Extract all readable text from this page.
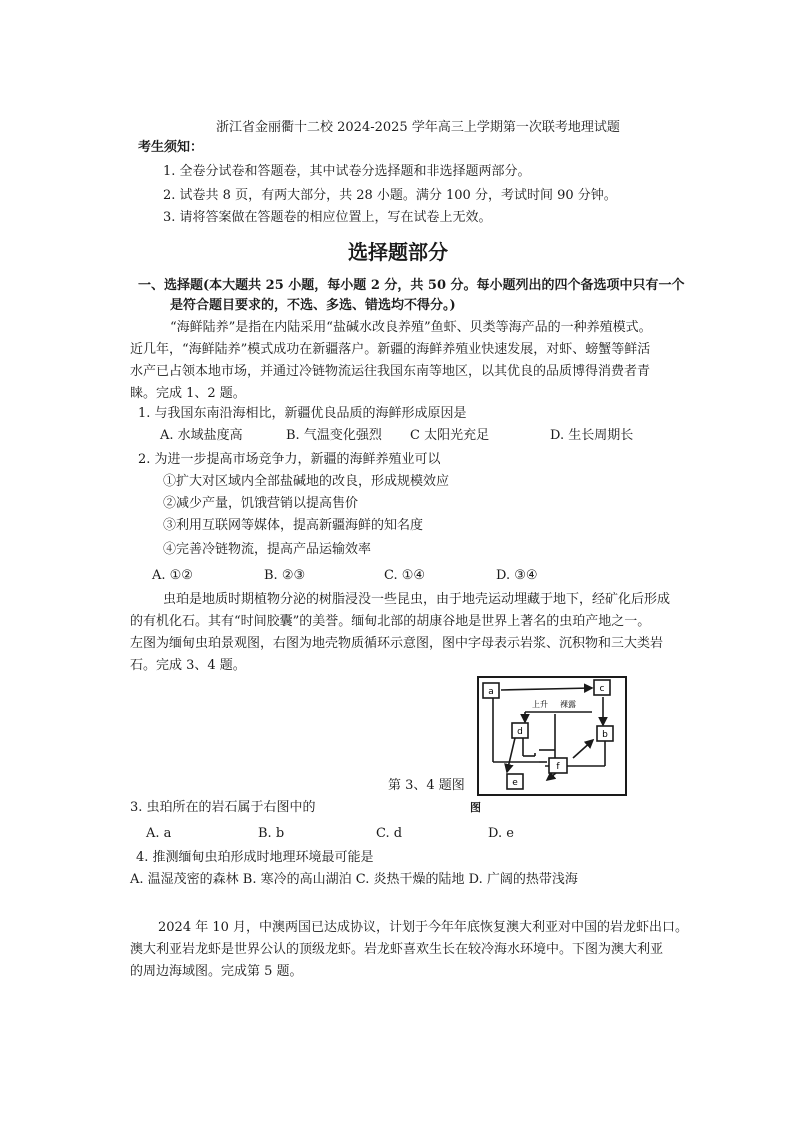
浙江省金丽衢十二校 2024-2025 学年高三上学期第一次联考地理试题
考生须知：
1. 全卷分试卷和答题卷，其中试卷分选择题和非选择题两部分。
2. 试卷共 8 页，有两大部分，共 28 小题。满分 100 分，考试时间 90 分钟。
3. 请将答案做在答题卷的相应位置上，写在试卷上无效。
选择题部分
一、选择题(本大题共 25 小题，每小题 2 分，共 50 分。每小题列出的四个备选项中只有一个
是符合题目要求的，不选、多选、错选均不得分。)
“海鲜陆养”是指在内陆采用“盐碱水改良养殖”鱼虾、贝类等海产品的一种养殖模式。
近几年，“海鲜陆养”模式成功在新疆落户。新疆的海鲜养殖业快速发展，对虾、螃蟹等鲜活
水产已占领本地市场，并通过冷链物流运往我国东南等地区，以其优良的品质博得消费者青
睐。完成 1、2 题。
1. 与我国东南沿海相比，新疆优良品质的海鲜形成原因是
A. 水域盐度高	B. 气温变化强烈 C 太阳光充足	D. 生长周期长
2. 为进一步提高市场竞争力，新疆的海鲜养殖业可以
①扩大对区域内全部盐碱地的改良，形成规模效应
②减少产量，饥饿营销以提高售价
③利用互联网等媒体，提高新疆海鲜的知名度
④完善冷链物流，提高产品运输效率
A. ①②	B. ②③	C. ①④	D. ③④
虫珀是地质时期植物分泌的树脂浸没一些昆虫，由于地壳运动埋藏于地下，经矿化后形成
的有机化石。其有“时间胶囊”的美誉。缅甸北部的胡康谷地是世界上著名的虫珀产地之一。
左图为缅甸虫珀景观图，右图为地壳物质循环示意图，图中字母表示岩浆、沉积物和三大类岩
石。完成 3、4 题。
a	c
b
d
f
e
上升 裸露
第 3、4 题图
3. 虫珀所在的岩石属于右图中的	图
A. a	B. b	C. d	D. e
4. 推测缅甸虫珀形成时地理环境最可能是
A. 温湿茂密的森林 B. 寒冷的高山湖泊 C. 炎热干燥的陆地 D. 广阔的热带浅海
2024 年 10 月，中澳两国已达成协议，计划于今年年底恢复澳大利亚对中国的岩龙虾出口。
澳大利亚岩龙虾是世界公认的顶级龙虾。岩龙虾喜欢生长在较冷海水环境中。下图为澳大利亚
的周边海域图。完成第 5 题。
